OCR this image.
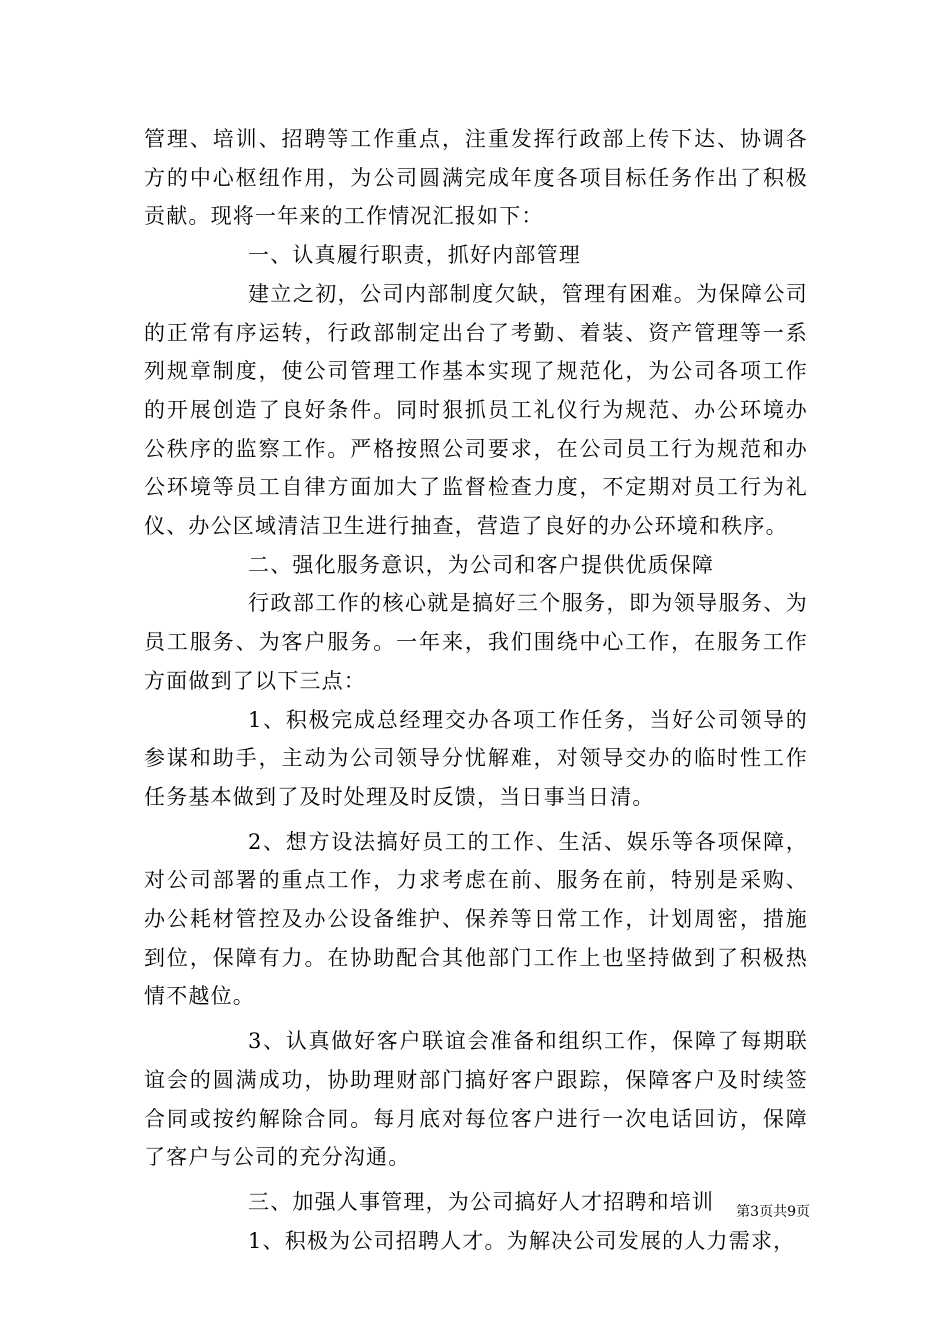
管理、培训、招聘等工作重点，注重发挥行政部上传下达、协调各方的中心枢纽作用，为公司圆满完成年度各项目标任务作出了积极贡献。现将一年来的工作情况汇报如下：

一、认真履行职责，抓好内部管理

建立之初，公司内部制度欠缺，管理有困难。为保障公司的正常有序运转，行政部制定出台了考勤、着装、资产管理等一系列规章制度，使公司管理工作基本实现了规范化，为公司各项工作的开展创造了良好条件。同时狠抓员工礼仪行为规范、办公环境办公秩序的监察工作。严格按照公司要求，在公司员工行为规范和办公环境等员工自律方面加大了监督检查力度，不定期对员工行为礼仪、办公区域清洁卫生进行抽查，营造了良好的办公环境和秩序。

二、强化服务意识，为公司和客户提供优质保障

行政部工作的核心就是搞好三个服务，即为领导服务、为员工服务、为客户服务。一年来，我们围绕中心工作，在服务工作方面做到了以下三点：

1、积极完成总经理交办各项工作任务，当好公司领导的参谋和助手，主动为公司领导分忧解难，对领导交办的临时性工作任务基本做到了及时处理及时反馈，当日事当日清。

2、想方设法搞好员工的工作、生活、娱乐等各项保障，对公司部署的重点工作，力求考虑在前、服务在前，特别是采购、办公耗材管控及办公设备维护、保养等日常工作，计划周密，措施到位，保障有力。在协助配合其他部门工作上也坚持做到了积极热情不越位。

3、认真做好客户联谊会准备和组织工作，保障了每期联谊会的圆满成功，协助理财部门搞好客户跟踪，保障客户及时续签合同或按约解除合同。每月底对每位客户进行一次电话回访，保障了客户与公司的充分沟通。

三、加强人事管理，为公司搞好人才招聘和培训

1、积极为公司招聘人才。为解决公司发展的人力需求，

第3页共9页
